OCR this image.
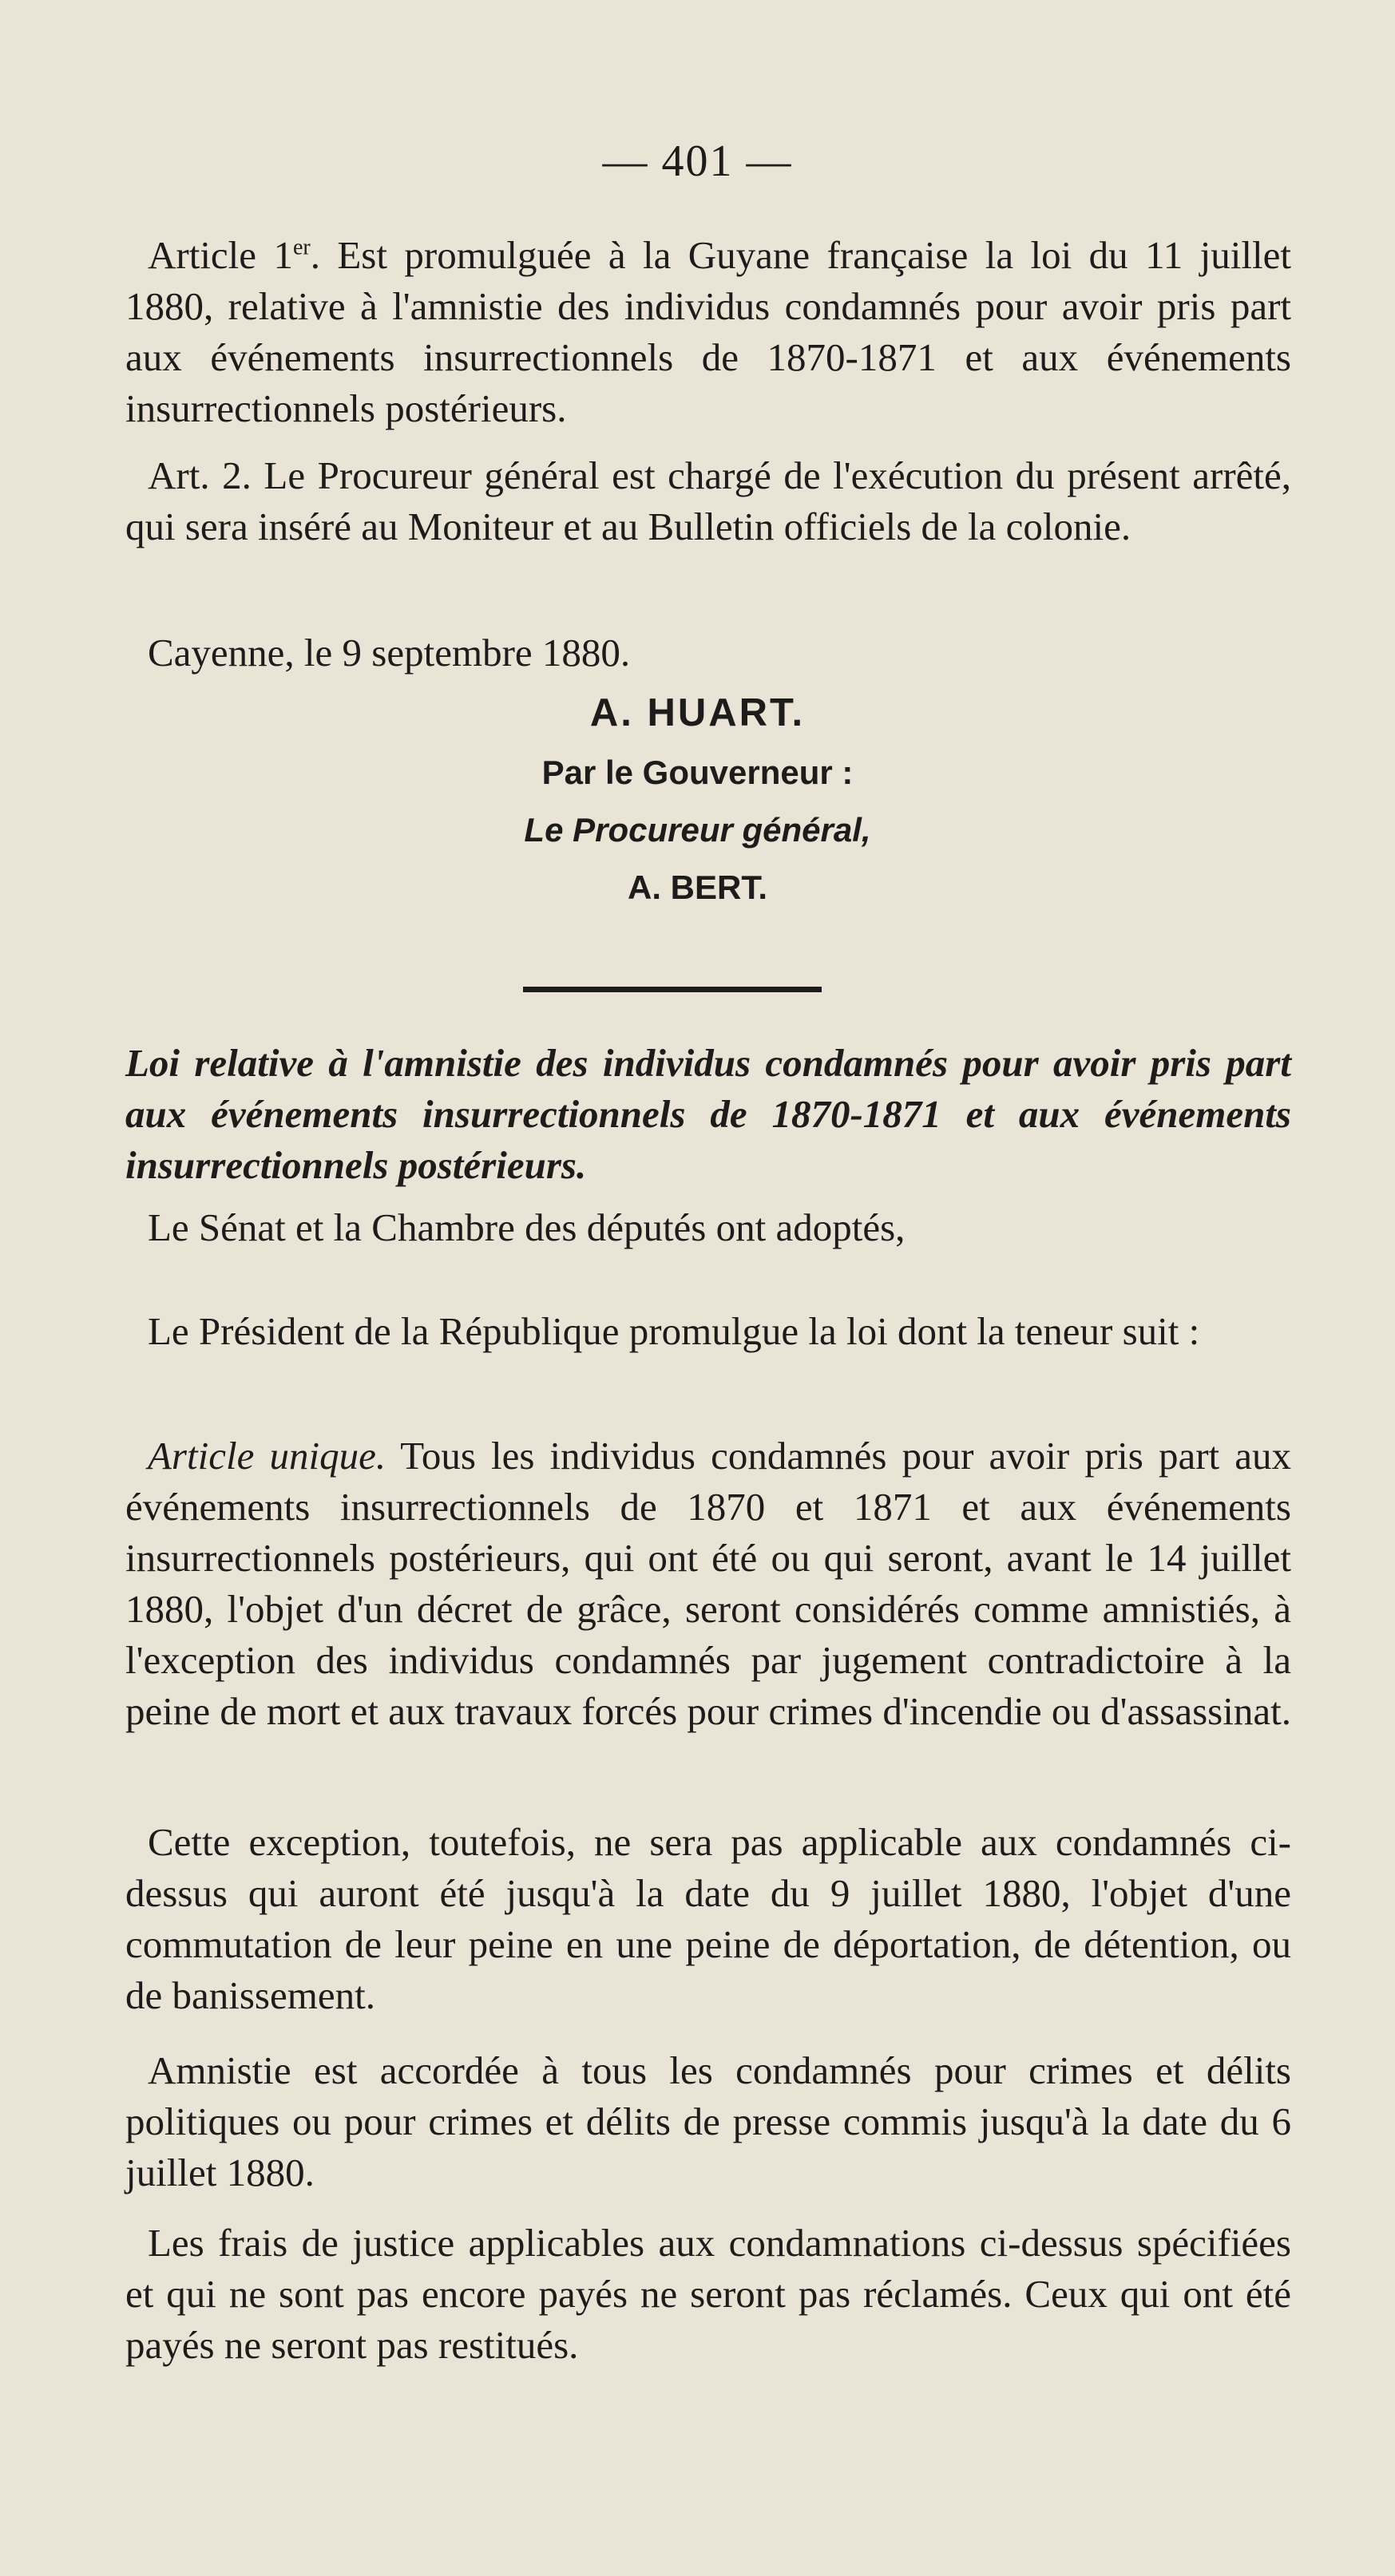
— 401 —

Article 1er. Est promulguée à la Guyane française la loi du 11 juillet 1880, relative à l'amnistie des individus condamnés pour avoir pris part aux événements insurrectionnels de 1870-1871 et aux événements insurrectionnels postérieurs.

Art. 2. Le Procureur général est chargé de l'exécution du présent arrêté, qui sera inséré au Moniteur et au Bulletin officiels de la colonie.

Cayenne, le 9 septembre 1880.

A. HUART.
Par le Gouverneur :
Le Procureur général,
A. BERT.

Loi relative à l'amnistie des individus condamnés pour avoir pris part aux événements insurrectionnels de 1870-1871 et aux événements insurrectionnels postérieurs.

Le Sénat et la Chambre des députés ont adoptés,

Le Président de la République promulgue la loi dont la teneur suit :

Article unique. Tous les individus condamnés pour avoir pris part aux événements insurrectionnels de 1870 et 1871 et aux événements insurrectionnels postérieurs, qui ont été ou qui seront, avant le 14 juillet 1880, l'objet d'un décret de grâce, seront considérés comme amnistiés, à l'exception des individus condamnés par jugement contradictoire à la peine de mort et aux travaux forcés pour crimes d'incendie ou d'assassinat.

Cette exception, toutefois, ne sera pas applicable aux condamnés ci-dessus qui auront été jusqu'à la date du 9 juillet 1880, l'objet d'une commutation de leur peine en une peine de déportation, de détention, ou de banissement.

Amnistie est accordée à tous les condamnés pour crimes et délits politiques ou pour crimes et délits de presse commis jusqu'à la date du 6 juillet 1880.

Les frais de justice applicables aux condamnations ci-dessus spécifiées et qui ne sont pas encore payés ne seront pas réclamés. Ceux qui ont été payés ne seront pas restitués.
